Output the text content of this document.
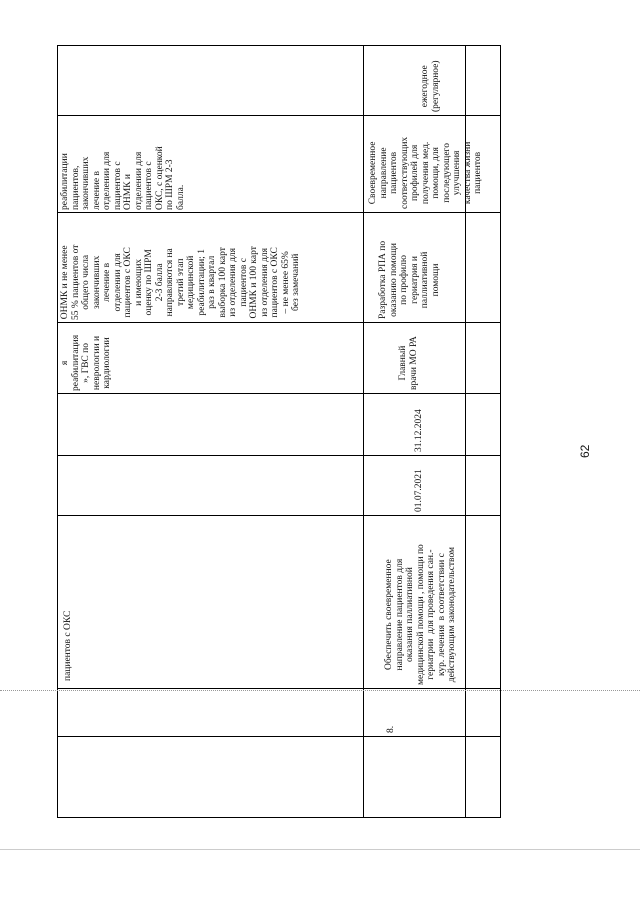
пациентов с ОКС
я
реабилитация
», ГВС по
неврологии и
кардиологии
ОНМК и не менее
55 % пациентов от
общего числа
закончивших
лечение в
отделении для
пациентов с ОКС
и имеющих
оценку по ШРМ
2-3 балла
направляются на
третий этап
медицинской
реабилитации; 1
раз в квартал
выборка 100 карт
из отделения для
пациентов с
ОНМК и 100 карт
из отделения для
пациентов с ОКС
– не менее 65%
без замечаний
реабилитации
пациентов,
закончивших
лечение в
отделении для
пациентов с
ОНМК и
отделении для
пациентов с
ОКС, с оценкой
по ШРМ 2-3
балла.
8.
Обеспечить своевременное
направление пациентов для
оказания паллиативной
медицинской помощи , помощи по
гериатрии  для проведения сан.-
кур. лечения  в соответствии с
действующим законодательством
01.07.2021
31.12.2024
Главный
врачи МО РА
Разработка РПА по
оказанию помощи
по профилю
гериатрия и
паллиативной
помощи
Своевременное
направление
пациентов
соответствующих
профилей для
получения мед.
помощи, для
последующего
улучшения
качества жизни
пациентов
ежегодное
(регулярное)
62
